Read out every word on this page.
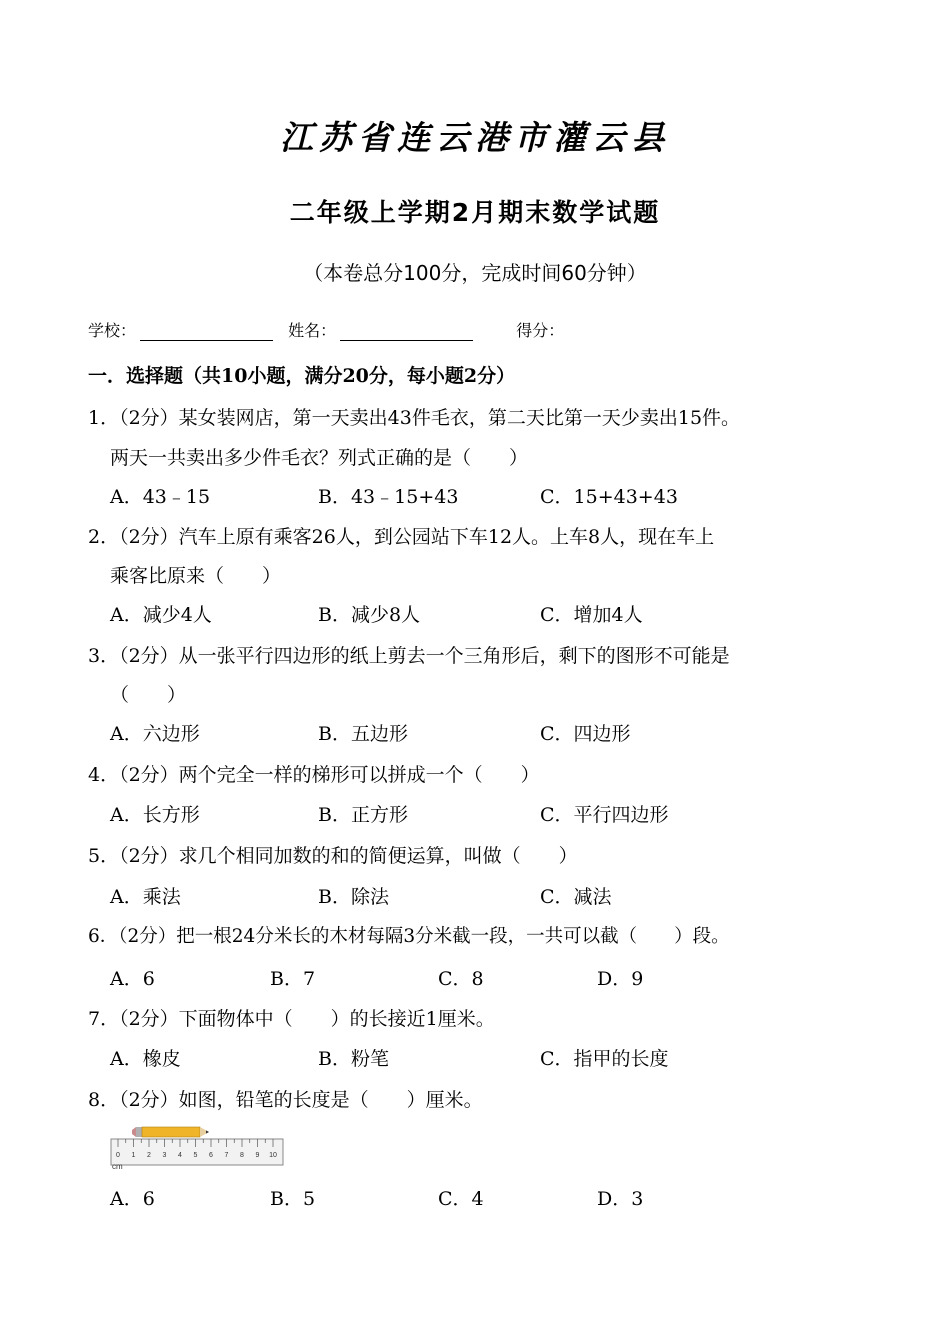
江苏省连云港市灌云县
二年级上学期2月期末数学试题
（本卷总分100分，完成时间60分钟）
学校：	姓名：	得分：
一．选择题（共10小题，满分20分，每小题2分）
1．（2分）某女装网店，第一天卖出43件毛衣，第二天比第一天少卖出15件。
两天一共卖出多少件毛衣？列式正确的是（　　）
A．43﹣15	B．43﹣15+43	C．15+43+43
2．（2分）汽车上原有乘客26人，到公园站下车12人。上车8人，现在车上
乘客比原来（　　）
A．减少4人	B．减少8人	C．增加4人
3．（2分）从一张平行四边形的纸上剪去一个三角形后，剩下的图形不可能是
（　　）
A．六边形	B．五边形	C．四边形
4．（2分）两个完全一样的梯形可以拼成一个（　　）
A．长方形	B．正方形	C．平行四边形
5．（2分）求几个相同加数的和的简便运算，叫做（　　）
A．乘法	B．除法	C．减法
6．（2分）把一根24分米长的木材每隔3分米截一段，一共可以截（　　）段。
A．6	B．7	C．8	D．9
7．（2分）下面物体中（　　）的长接近1厘米。
A．橡皮	B．粉笔	C．指甲的长度
8．（2分）如图，铅笔的长度是（　　）厘米。
0 1 2 3 4 5 6 7 8 9 10
cm
A．6	B．5	C．4	D．3
